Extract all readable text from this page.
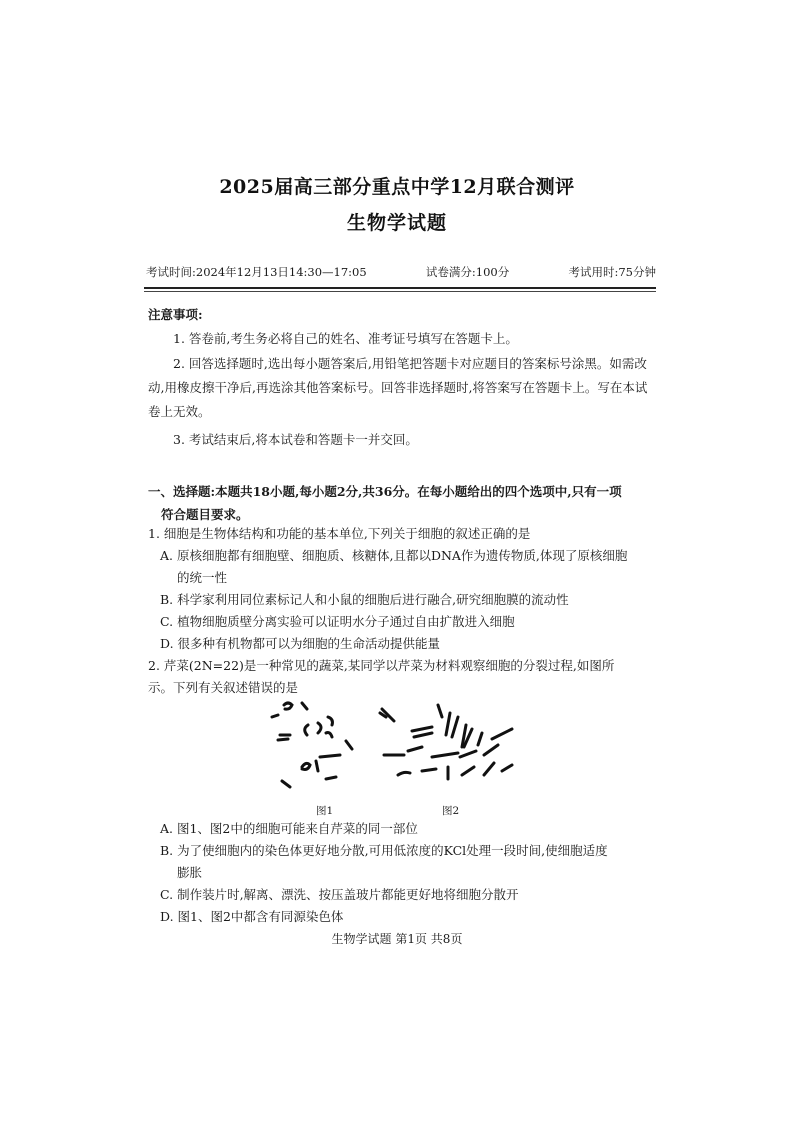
2025届高三部分重点中学12月联合测评
生物学试题
考试时间:2024年12月13日14:30—17:05	试卷满分:100分	考试用时:75分钟
注意事项:
1. 答卷前,考生务必将自己的姓名、准考证号填写在答题卡上。
2. 回答选择题时,选出每小题答案后,用铅笔把答题卡对应题目的答案标号涂黑。如需改动,用橡皮擦干净后,再选涂其他答案标号。回答非选择题时,将答案写在答题卡上。写在本试卷上无效。
3. 考试结束后,将本试卷和答题卡一并交回。
一、选择题:本题共18小题,每小题2分,共36分。在每小题给出的四个选项中,只有一项
符合题目要求。
1. 细胞是生物体结构和功能的基本单位,下列关于细胞的叙述正确的是
A. 原核细胞都有细胞壁、细胞质、核糖体,且都以DNA作为遗传物质,体现了原核细胞
的统一性
B. 科学家利用同位素标记人和小鼠的细胞后进行融合,研究细胞膜的流动性
C. 植物细胞质壁分离实验可以证明水分子通过自由扩散进入细胞
D. 很多种有机物都可以为细胞的生命活动提供能量
2. 芹菜(2N=22)是一种常见的蔬菜,某同学以芹菜为材料观察细胞的分裂过程,如图所
示。下列有关叙述错误的是
图1	图2
A. 图1、图2中的细胞可能来自芹菜的同一部位
B. 为了使细胞内的染色体更好地分散,可用低浓度的KCl处理一段时间,使细胞适度
膨胀
C. 制作装片时,解离、漂洗、按压盖玻片都能更好地将细胞分散开
D. 图1、图2中都含有同源染色体
生物学试题 第1页 共8页
